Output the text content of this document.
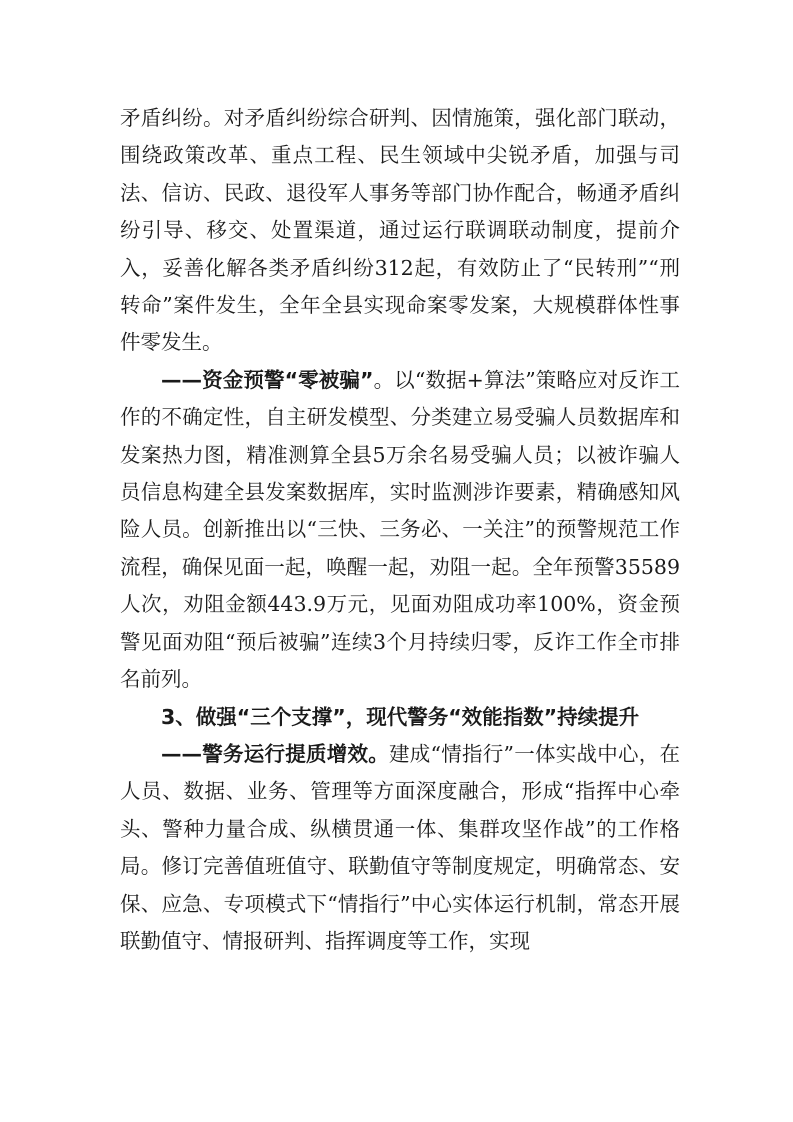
矛盾纠纷。对矛盾纠纷综合研判、因情施策，强化部门联动，围绕政策改革、重点工程、民生领域中尖锐矛盾，加强与司法、信访、民政、退役军人事务等部门协作配合，畅通矛盾纠纷引导、移交、处置渠道，通过运行联调联动制度，提前介入，妥善化解各类矛盾纠纷312起，有效防止了“民转刑”“刑转命”案件发生，全年全县实现命案零发案，大规模群体性事件零发生。

——资金预警“零被骗”。以“数据+算法”策略应对反诈工作的不确定性，自主研发模型、分类建立易受骗人员数据库和发案热力图，精准测算全县5万余名易受骗人员；以被诈骗人员信息构建全县发案数据库，实时监测涉诈要素，精确感知风险人员。创新推出以“三快、三务必、一关注”的预警规范工作流程，确保见面一起，唤醒一起，劝阻一起。全年预警35589人次，劝阻金额443.9万元，见面劝阻成功率100%，资金预警见面劝阻“预后被骗”连续3个月持续归零，反诈工作全市排名前列。

3、做强“三个支撑”，现代警务“效能指数”持续提升

——警务运行提质增效。建成“情指行”一体实战中心，在人员、数据、业务、管理等方面深度融合，形成“指挥中心牵头、警种力量合成、纵横贯通一体、集群攻坚作战”的工作格局。修订完善值班值守、联勤值守等制度规定，明确常态、安保、应急、专项模式下“情指行”中心实体运行机制，常态开展联勤值守、情报研判、指挥调度等工作，实现
